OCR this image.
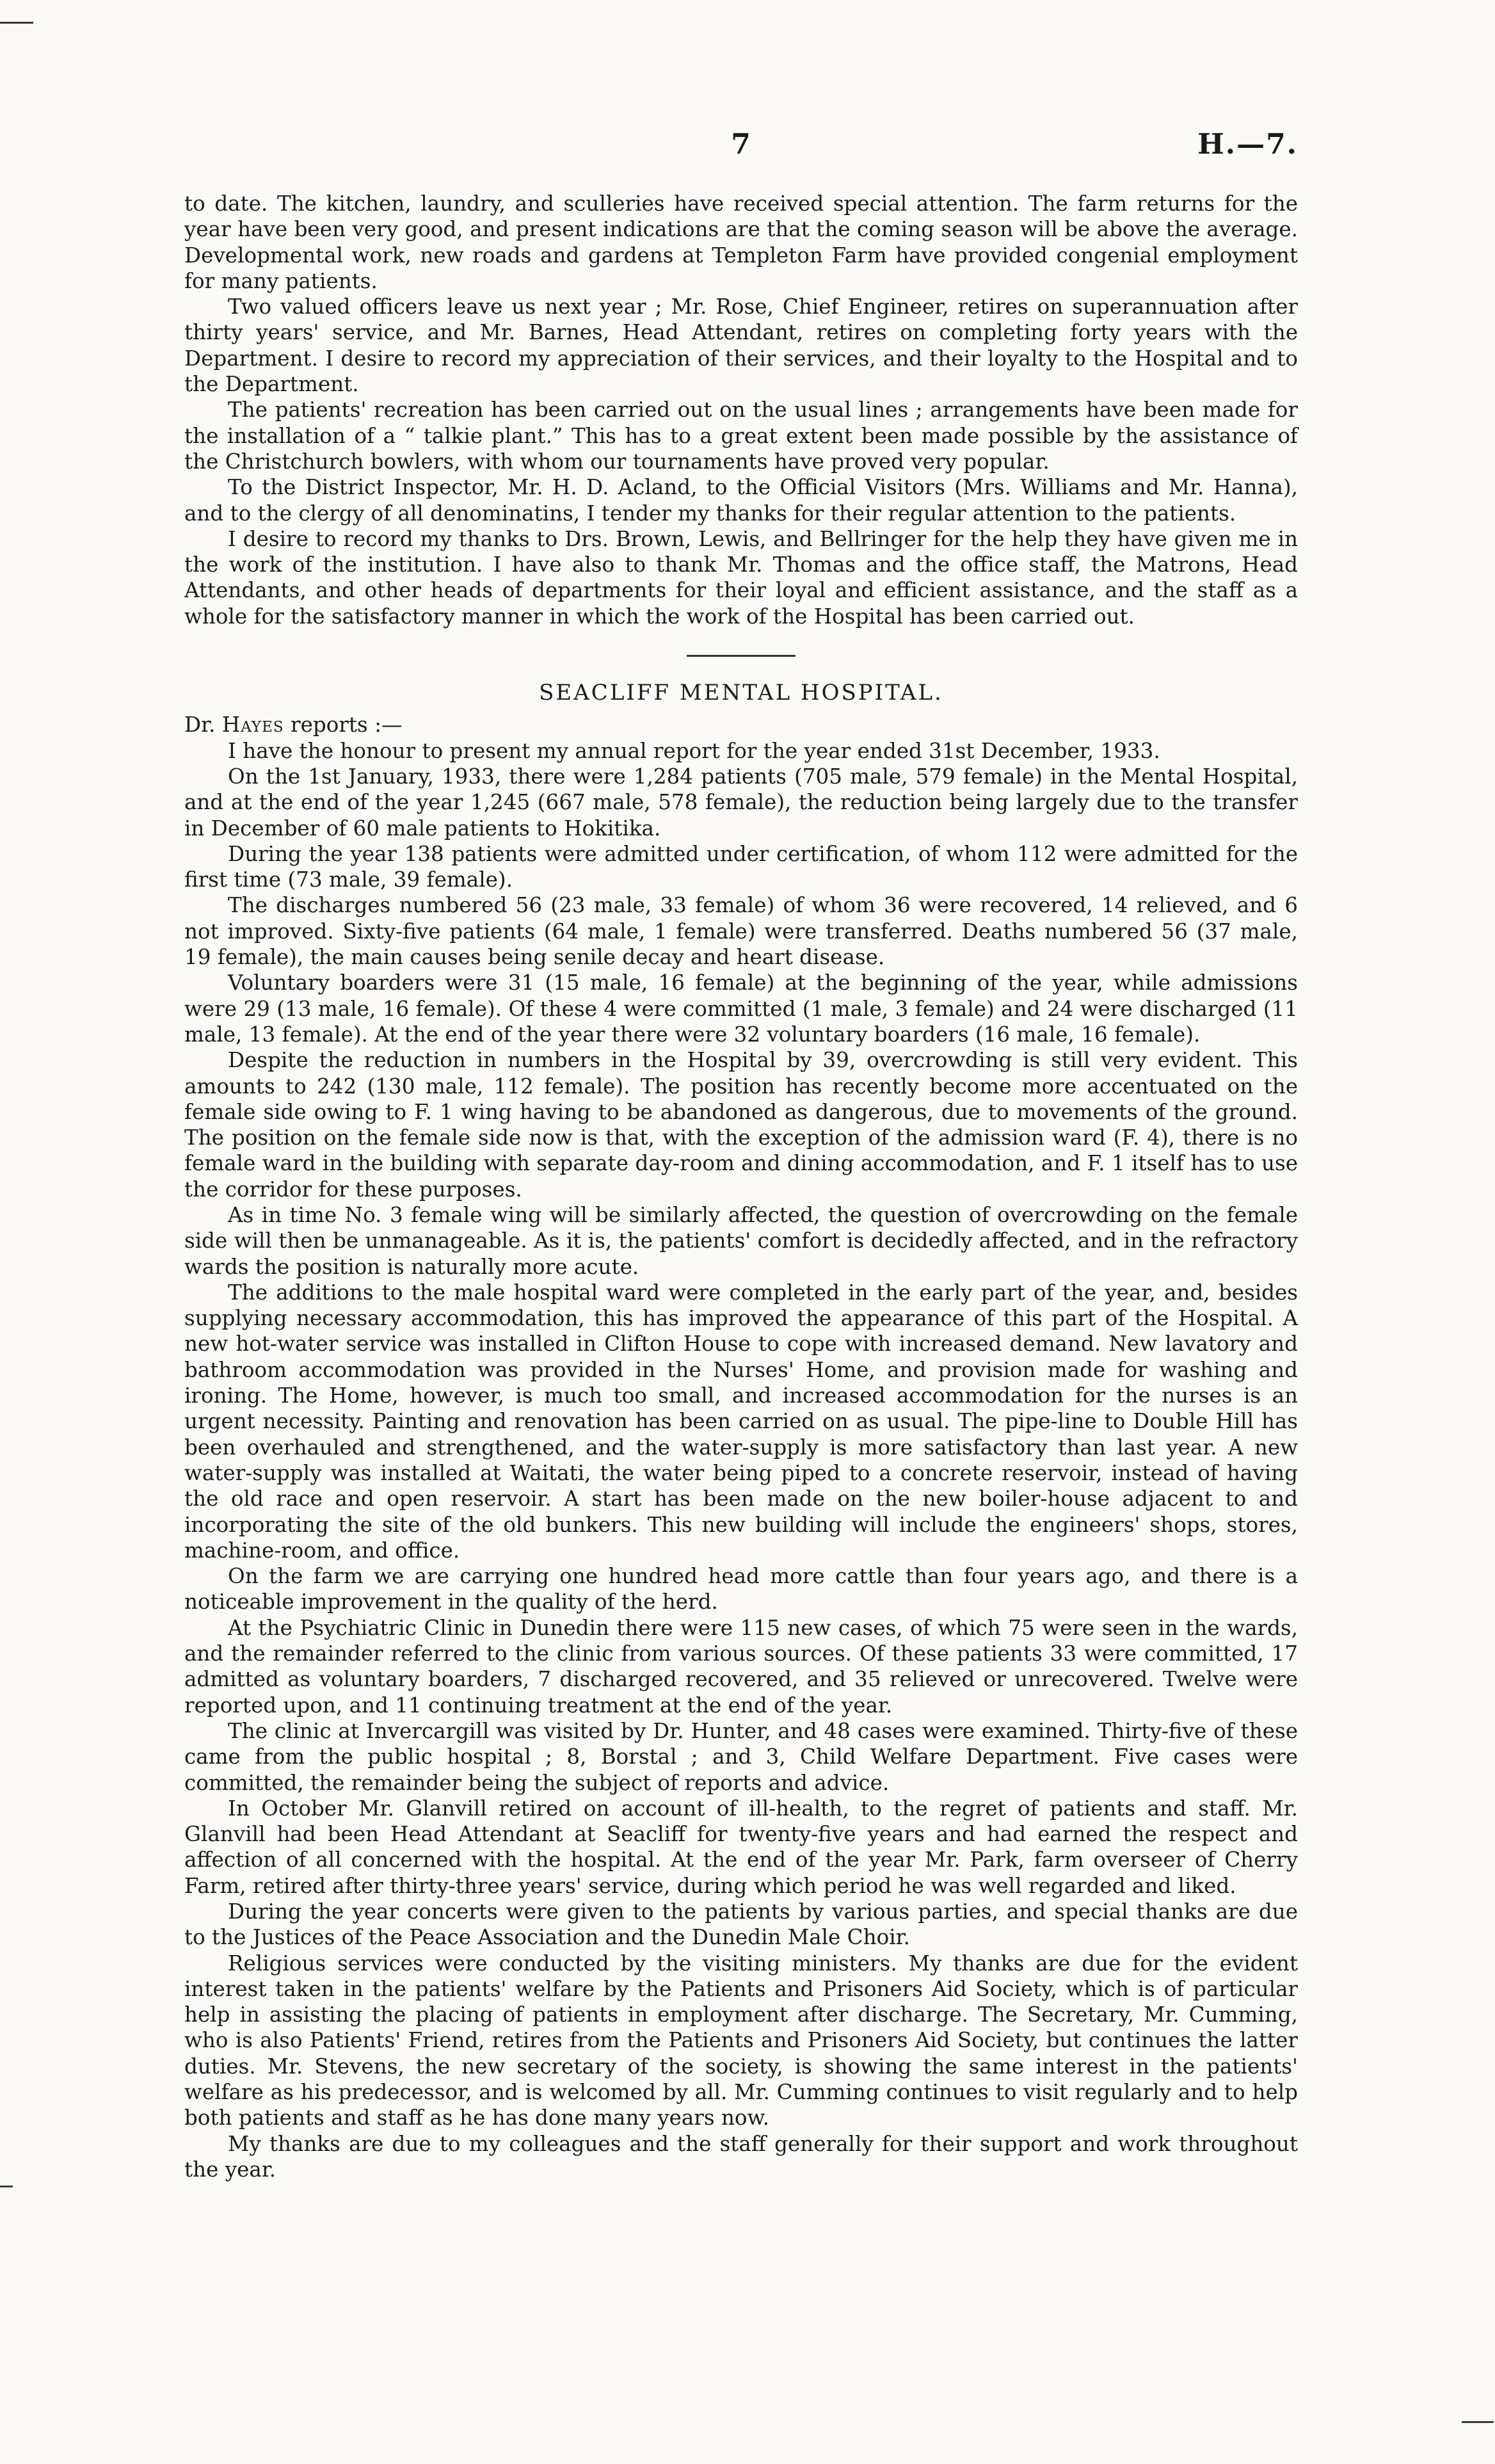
7	H.—7.

to date. The kitchen, laundry, and sculleries have received special attention. The farm returns for the year have been very good, and present indications are that the coming season will be above the average. Developmental work, new roads and gardens at Templeton Farm have provided congenial employment for many patients.

Two valued officers leave us next year ; Mr. Rose, Chief Engineer, retires on superannuation after thirty years' service, and Mr. Barnes, Head Attendant, retires on completing forty years with the Department. I desire to record my appreciation of their services, and their loyalty to the Hospital and to the Department.

The patients' recreation has been carried out on the usual lines ; arrangements have been made for the installation of a “ talkie plant.” This has to a great extent been made possible by the assistance of the Christchurch bowlers, with whom our tournaments have proved very popular.

To the District Inspector, Mr. H. D. Acland, to the Official Visitors (Mrs. Williams and Mr. Hanna), and to the clergy of all denominatins, I tender my thanks for their regular attention to the patients.

I desire to record my thanks to Drs. Brown, Lewis, and Bellringer for the help they have given me in the work of the institution. I have also to thank Mr. Thomas and the office staff, the Matrons, Head Attendants, and other heads of departments for their loyal and efficient assistance, and the staff as a whole for the satisfactory manner in which the work of the Hospital has been carried out.

SEACLIFF MENTAL HOSPITAL.

Dr. Hayes reports :—

I have the honour to present my annual report for the year ended 31st December, 1933.

On the 1st January, 1933, there were 1,284 patients (705 male, 579 female) in the Mental Hospital, and at the end of the year 1,245 (667 male, 578 female), the reduction being largely due to the transfer in December of 60 male patients to Hokitika.

During the year 138 patients were admitted under certification, of whom 112 were admitted for the first time (73 male, 39 female).

The discharges numbered 56 (23 male, 33 female) of whom 36 were recovered, 14 relieved, and 6 not improved. Sixty-five patients (64 male, 1 female) were transferred. Deaths numbered 56 (37 male, 19 female), the main causes being senile decay and heart disease.

Voluntary boarders were 31 (15 male, 16 female) at the beginning of the year, while admissions were 29 (13 male, 16 female). Of these 4 were committed (1 male, 3 female) and 24 were discharged (11 male, 13 female). At the end of the year there were 32 voluntary boarders (16 male, 16 female).

Despite the reduction in numbers in the Hospital by 39, overcrowding is still very evident. This amounts to 242 (130 male, 112 female). The position has recently become more accentuated on the female side owing to F. 1 wing having to be abandoned as dangerous, due to movements of the ground. The position on the female side now is that, with the exception of the admission ward (F. 4), there is no female ward in the building with separate day-room and dining accommodation, and F. 1 itself has to use the corridor for these purposes.

As in time No. 3 female wing will be similarly affected, the question of overcrowding on the female side will then be unmanageable. As it is, the patients' comfort is decidedly affected, and in the refractory wards the position is naturally more acute.

The additions to the male hospital ward were completed in the early part of the year, and, besides supplying necessary accommodation, this has improved the appearance of this part of the Hospital. A new hot-water service was installed in Clifton House to cope with increased demand. New lavatory and bathroom accommodation was provided in the Nurses' Home, and provision made for washing and ironing. The Home, however, is much too small, and increased accommodation for the nurses is an urgent necessity. Painting and renovation has been carried on as usual. The pipe-line to Double Hill has been overhauled and strengthened, and the water-supply is more satisfactory than last year. A new water-supply was installed at Waitati, the water being piped to a concrete reservoir, instead of having the old race and open reservoir. A start has been made on the new boiler-house adjacent to and incorporating the site of the old bunkers. This new building will include the engineers' shops, stores, machine-room, and office.

On the farm we are carrying one hundred head more cattle than four years ago, and there is a noticeable improvement in the quality of the herd.

At the Psychiatric Clinic in Dunedin there were 115 new cases, of which 75 were seen in the wards, and the remainder referred to the clinic from various sources. Of these patients 33 were committed, 17 admitted as voluntary boarders, 7 discharged recovered, and 35 relieved or unrecovered. Twelve were reported upon, and 11 continuing treatment at the end of the year.

The clinic at Invercargill was visited by Dr. Hunter, and 48 cases were examined. Thirty-five of these came from the public hospital ; 8, Borstal ; and 3, Child Welfare Department. Five cases were committed, the remainder being the subject of reports and advice.

In October Mr. Glanvill retired on account of ill-health, to the regret of patients and staff. Mr. Glanvill had been Head Attendant at Seacliff for twenty-five years and had earned the respect and affection of all concerned with the hospital. At the end of the year Mr. Park, farm overseer of Cherry Farm, retired after thirty-three years' service, during which period he was well regarded and liked.

During the year concerts were given to the patients by various parties, and special thanks are due to the Justices of the Peace Association and the Dunedin Male Choir.

Religious services were conducted by the visiting ministers. My thanks are due for the evident interest taken in the patients' welfare by the Patients and Prisoners Aid Society, which is of particular help in assisting the placing of patients in employment after discharge. The Secretary, Mr. Cumming, who is also Patients' Friend, retires from the Patients and Prisoners Aid Society, but continues the latter duties. Mr. Stevens, the new secretary of the society, is showing the same interest in the patients' welfare as his predecessor, and is welcomed by all. Mr. Cumming continues to visit regularly and to help both patients and staff as he has done many years now.

My thanks are due to my colleagues and the staff generally for their support and work throughout the year.
